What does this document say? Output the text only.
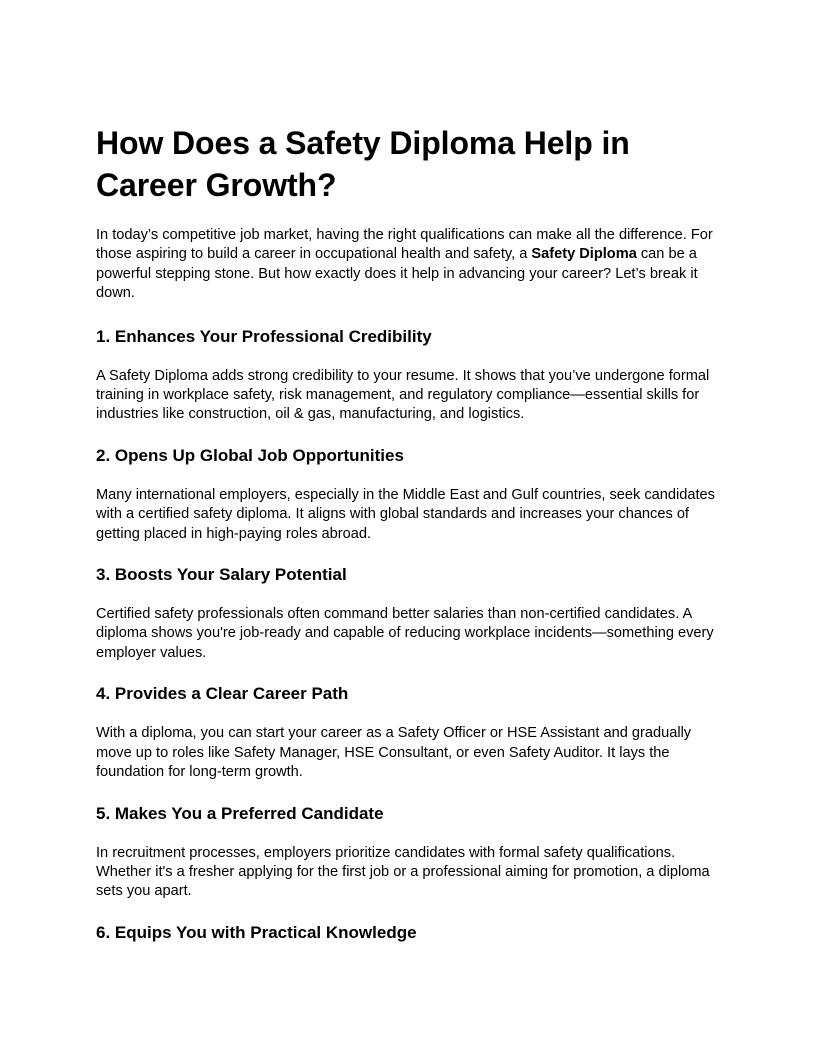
How Does a Safety Diploma Help in Career Growth?

In today’s competitive job market, having the right qualifications can make all the difference. For those aspiring to build a career in occupational health and safety, a Safety Diploma can be a powerful stepping stone. But how exactly does it help in advancing your career? Let’s break it down.

1. Enhances Your Professional Credibility

A Safety Diploma adds strong credibility to your resume. It shows that you’ve undergone formal training in workplace safety, risk management, and regulatory compliance—essential skills for industries like construction, oil & gas, manufacturing, and logistics.

2. Opens Up Global Job Opportunities

Many international employers, especially in the Middle East and Gulf countries, seek candidates with a certified safety diploma. It aligns with global standards and increases your chances of getting placed in high-paying roles abroad.

3. Boosts Your Salary Potential

Certified safety professionals often command better salaries than non-certified candidates. A diploma shows you're job-ready and capable of reducing workplace incidents—something every employer values.

4. Provides a Clear Career Path

With a diploma, you can start your career as a Safety Officer or HSE Assistant and gradually move up to roles like Safety Manager, HSE Consultant, or even Safety Auditor. It lays the foundation for long-term growth.

5. Makes You a Preferred Candidate

In recruitment processes, employers prioritize candidates with formal safety qualifications. Whether it's a fresher applying for the first job or a professional aiming for promotion, a diploma sets you apart.

6. Equips You with Practical Knowledge
